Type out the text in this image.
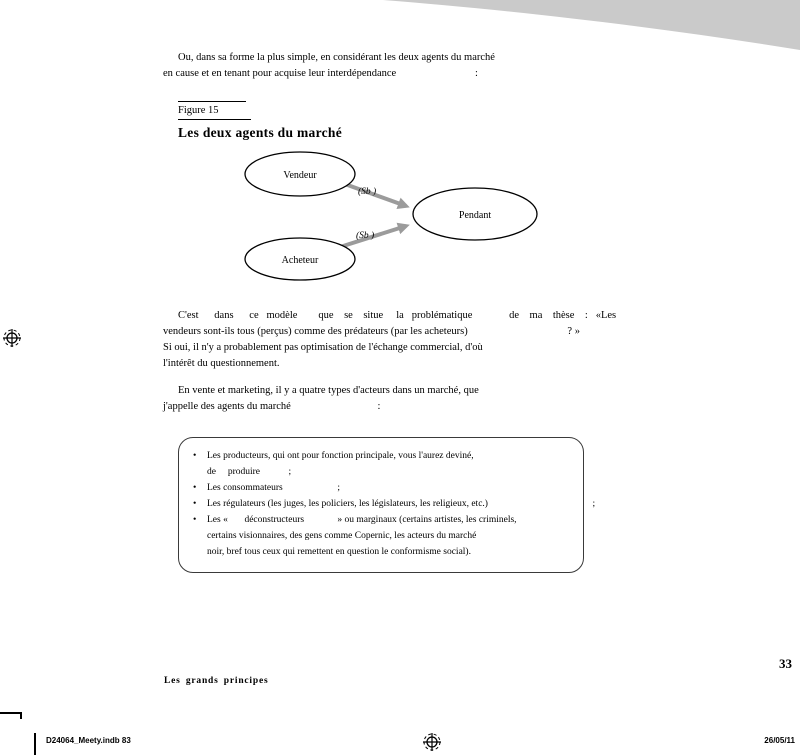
Ou, dans sa forme la plus simple, en considérant les deux agents du marché
en cause et en tenant pour acquise leur interdépendance                              :
Figure 15
Les deux agents du marché
Vendeur
Acheteur
Pendant
(Sb )
(Sb )
C'est      dans      ce   modèle        que    se    situe     la   problématique              de    ma    thèse    :   «Les
vendeurs sont-ils tous (perçus) comme des prédateurs (par les acheteurs)                                      ? »
Si oui, il n'y a probablement pas optimisation de l'échange commercial, d'où
l'intérêt du questionnement.
En vente et marketing, il y a quatre types d'acteurs dans un marché, que
j'appelle des agents du marché                                 :
•	Les producteurs, qui ont pour fonction principale, vous l'aurez deviné,
de     produire            ;
•	Les consommateurs                       ;
•	Les régulateurs (les juges, les policiers, les législateurs, les religieux, etc.)                                            ;
•	Les «       déconstructeurs              » ou marginaux (certains artistes, les criminels,
certains visionnaires, des gens comme Copernic, les acteurs du marché
noir, bref tous ceux qui remettent en question le conformisme social).
33
Les grands principes
D24064_Meety.indb 83	26/05/11
